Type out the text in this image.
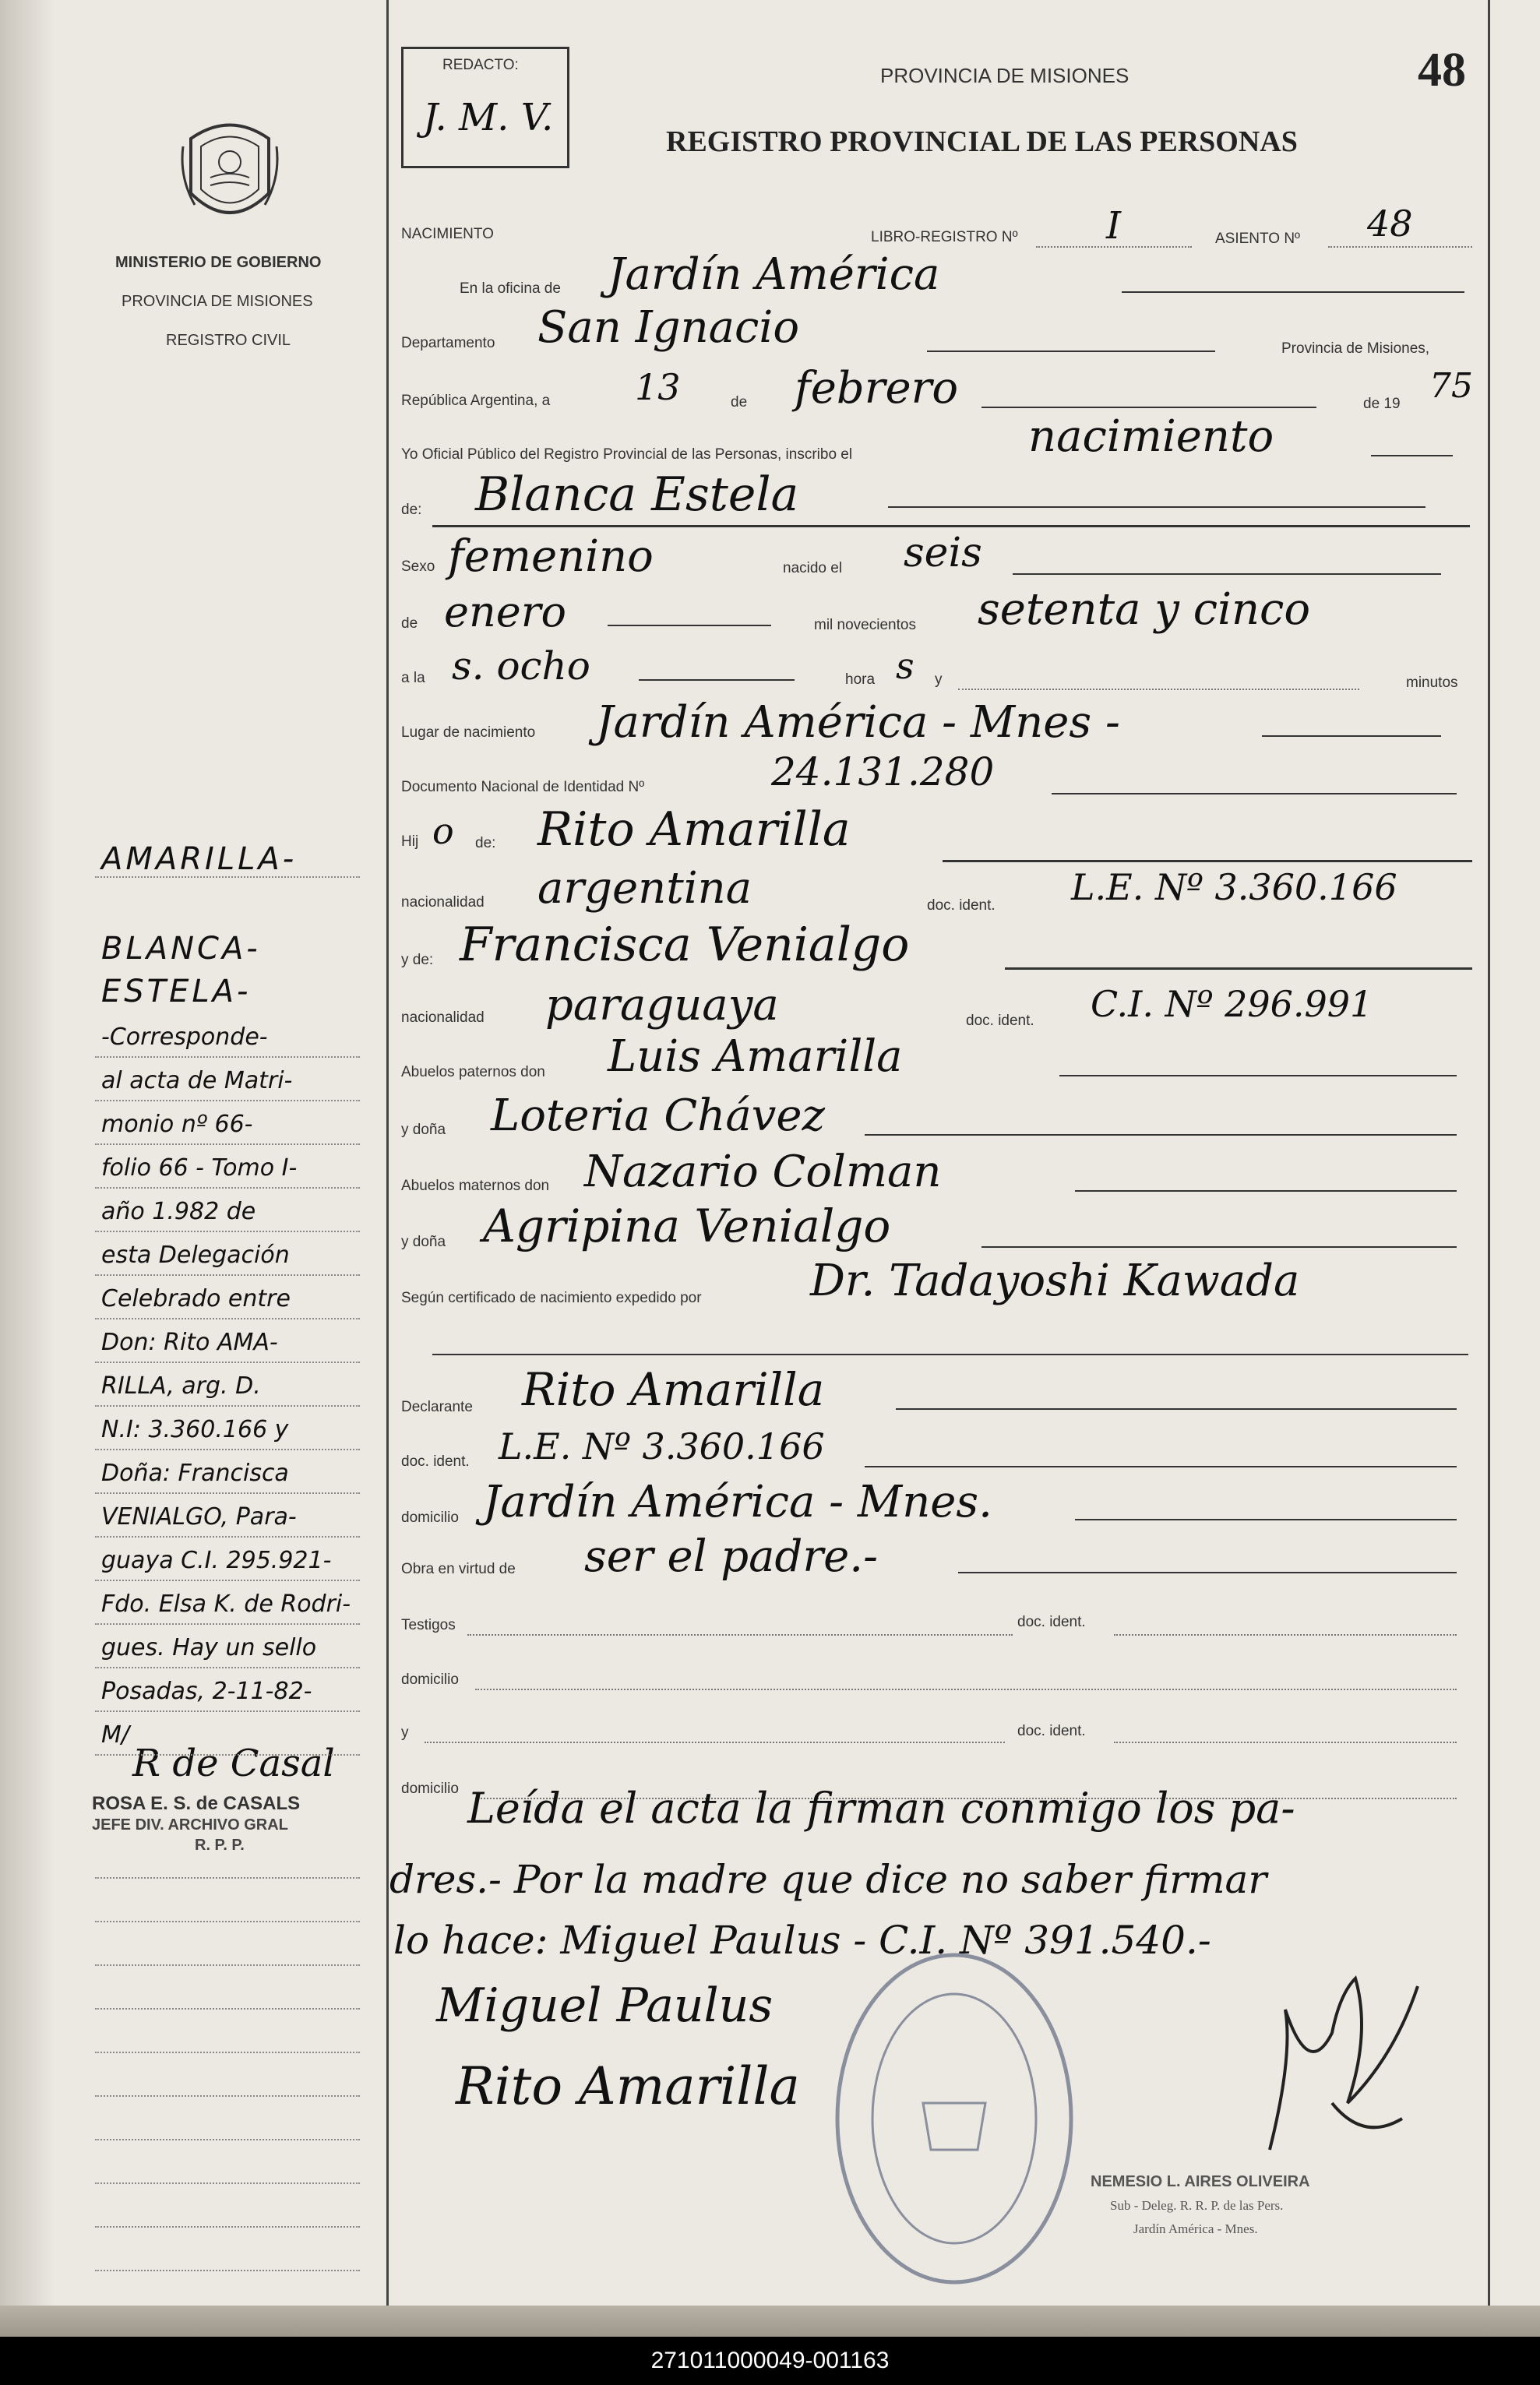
MINISTERIO DE GOBIERNO
PROVINCIA DE MISIONES
REGISTRO CIVIL
REDACTO:
J. M. V.
PROVINCIA DE MISIONES
REGISTRO PROVINCIAL DE LAS PERSONAS
48
NACIMIENTO	LIBRO-REGISTRO Nº I	ASIENTO Nº 48
En la oficina de Jardín América
Departamento San Ignacio	Provincia de Misiones,
República Argentina, a 13	de febrero	de 19 75
Yo Oficial Público del Registro Provincial de las Personas, inscribo el	nacimiento
de: Blanca Estela
Sexo femenino	nacido el seis
de enero	mil novecientos setenta y cinco
a la s. ocho	hora s y	minutos
Lugar de nacimiento Jardín América - Mnes -
Documento Nacional de Identidad Nº	24.131.280
Hij o de: Rito Amarilla
nacionalidad argentina	doc. ident. L.E. Nº 3.360.166
y de: Francisca Venialgo
nacionalidad paraguaya	doc. ident. C.I. Nº 296.991
Abuelos paternos don Luis Amarilla
y doña Loteria Chávez
Abuelos maternos don Nazario Colman
y doña Agripina Venialgo
Según certificado de nacimiento expedido por Dr. Tadayoshi Kawada
Declarante Rito Amarilla
doc. ident. L.E. Nº 3.360.166
domicilio Jardín América - Mnes.
Obra en virtud de ser el padre.-
Testigos	doc. ident.
domicilio
y	doc. ident.
domicilio Leída el acta la firman conmigo los pa-
dres.- Por la madre que dice no saber firmar
lo hace: Miguel Paulus - C.I. Nº 391.540.-
Miguel Paulus
Rito Amarilla
NEMESIO L. AIRES OLIVEIRA
Sub - Deleg. R. R. P. de las Pers.
Jardín América - Mnes.
AMARILLA-
BLANCA-
ESTELA-
R de Casal
ROSA E. S. de CASALS
JEFE DIV. ARCHIVO GRAL
R. P. P.
-Corresponde-
al acta de Matri-
monio nº 66-
folio 66 - Tomo I-
año 1.982 de
esta Delegación
Celebrado entre
Don: Rito AMA-
RILLA, arg. D.
N.I: 3.360.166 y
Doña: Francisca
VENIALGO, Para-
guaya C.I. 295.921-
Fdo. Elsa K. de Rodri-
gues. Hay un sello
Posadas, 2-11-82-
M/
271011000049-001163
